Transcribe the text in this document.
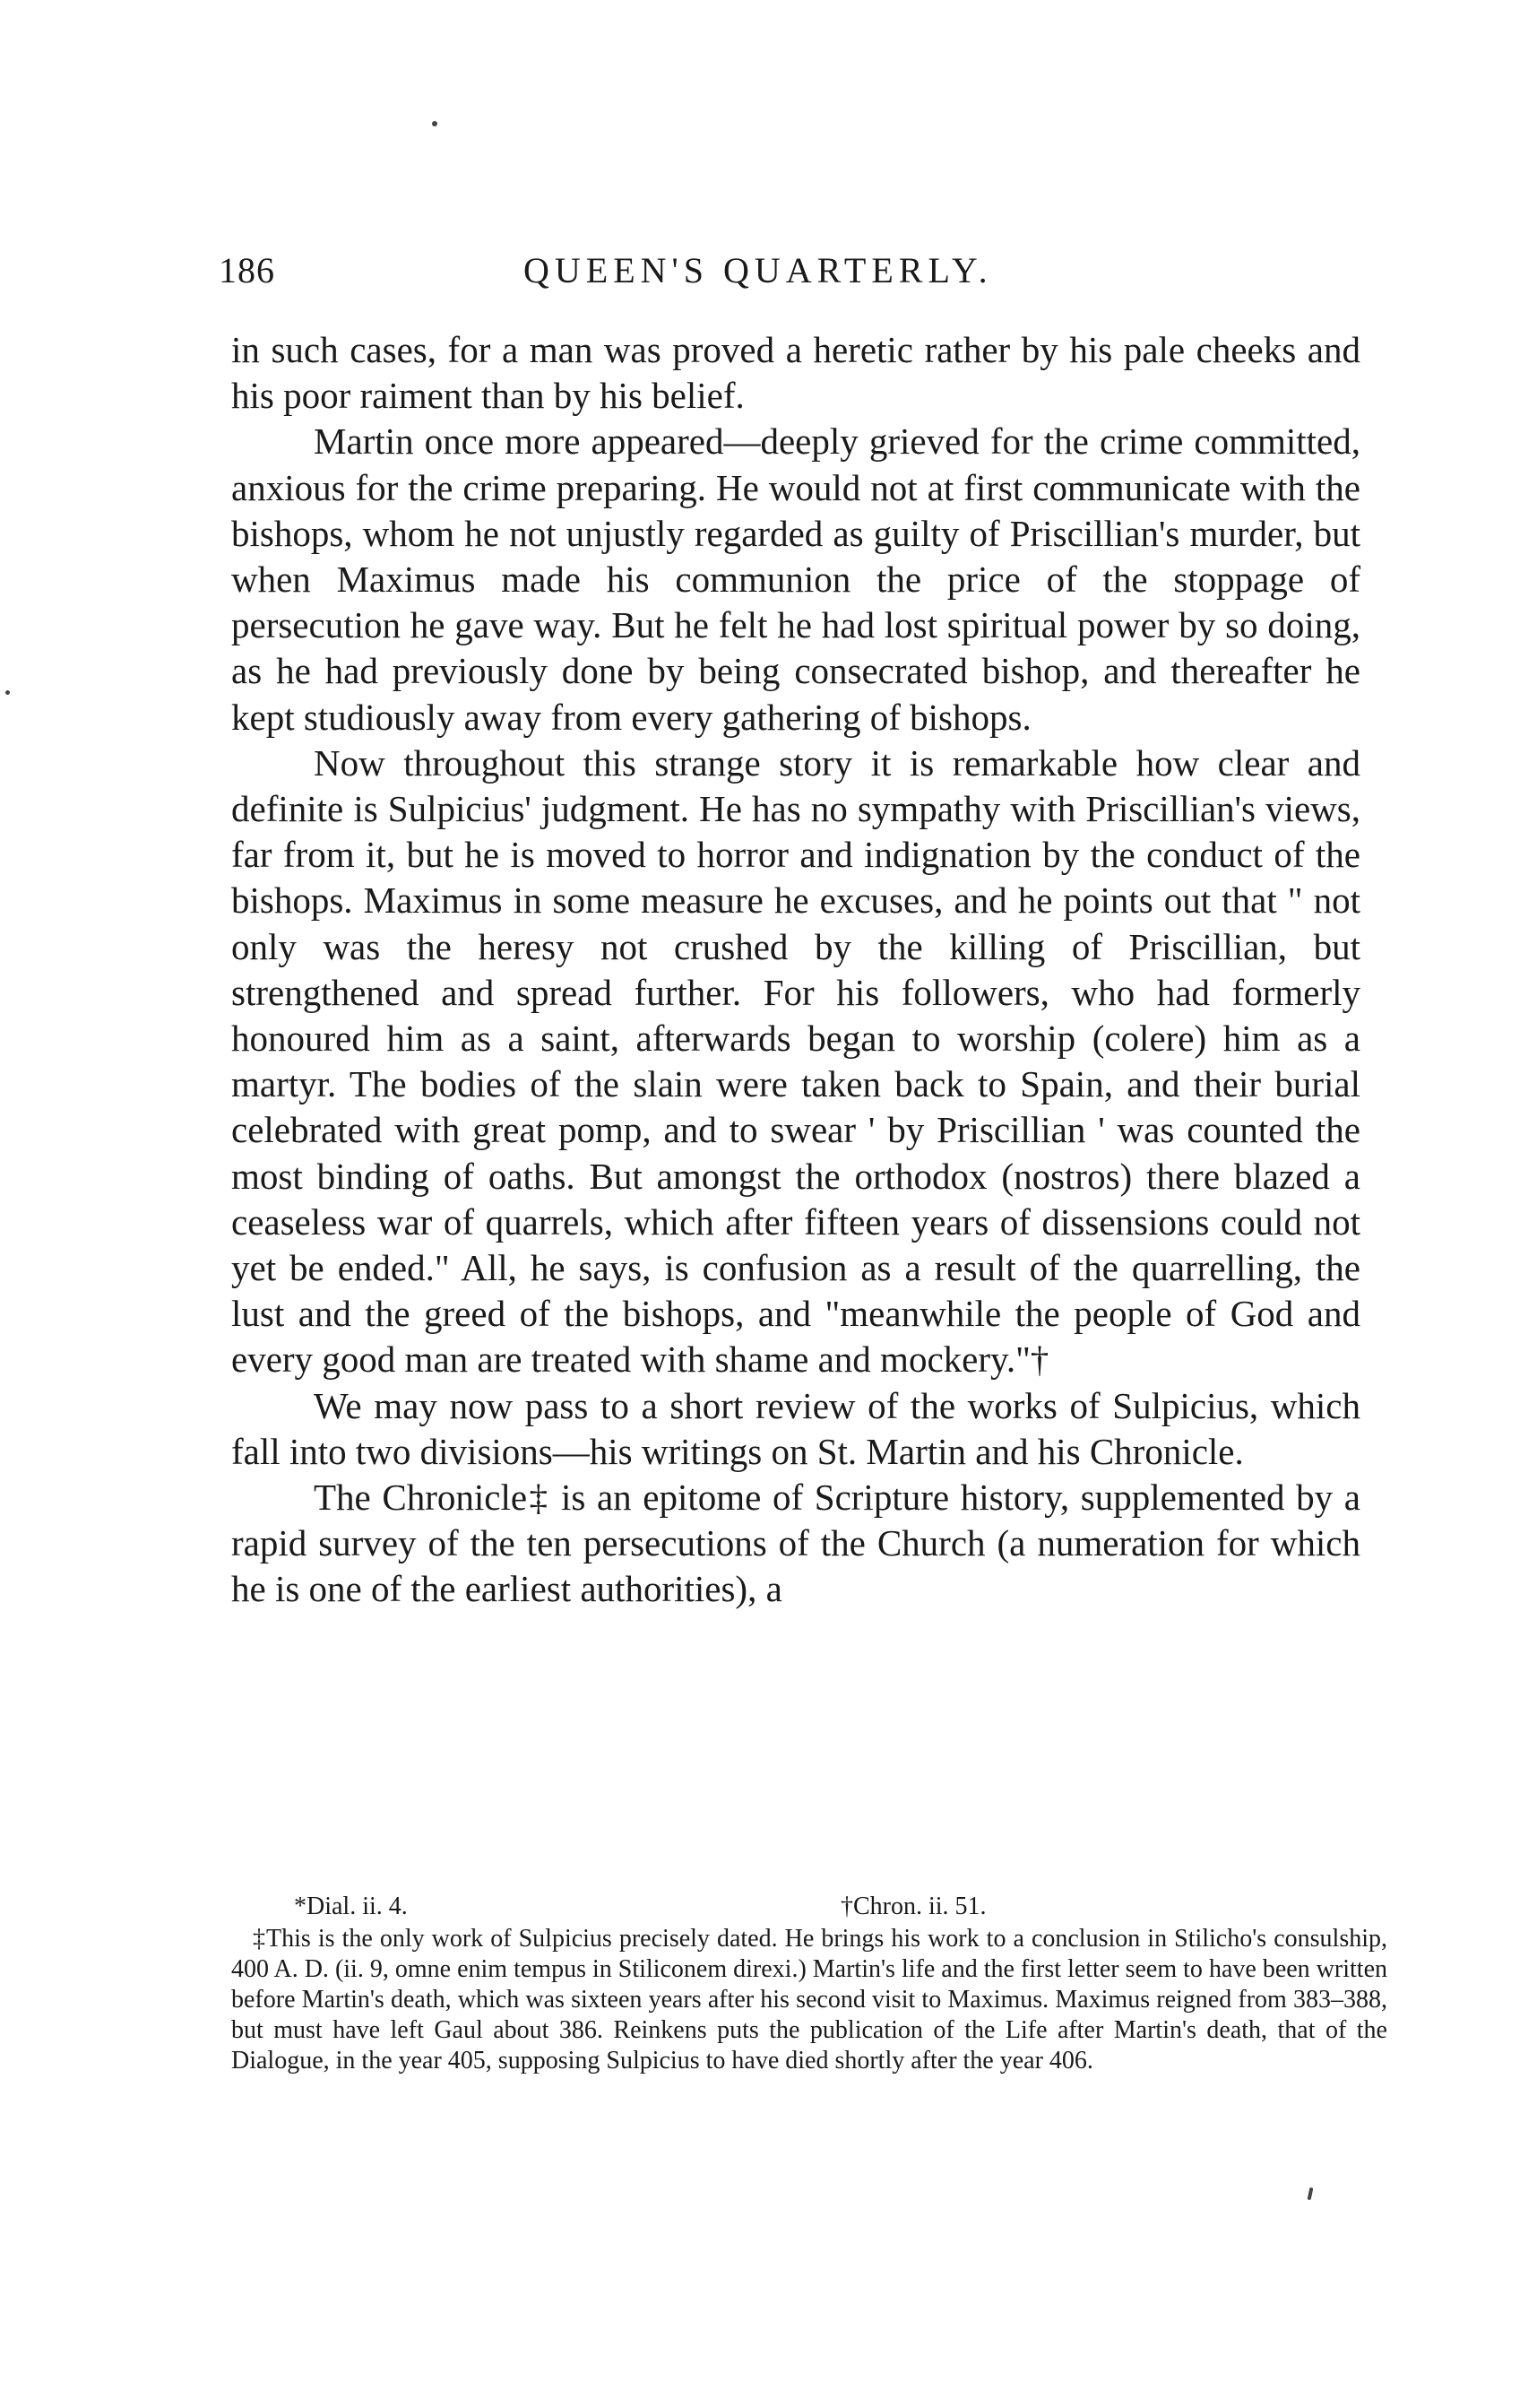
186	QUEEN'S QUARTERLY.

in such cases, for a man was proved a heretic rather by his pale cheeks and his poor raiment than by his belief.

Martin once more appeared—deeply grieved for the crime committed, anxious for the crime preparing. He would not at first communicate with the bishops, whom he not unjustly regarded as guilty of Priscillian's murder, but when Maximus made his communion the price of the stoppage of persecution he gave way. But he felt he had lost spiritual power by so doing, as he had previously done by being consecrated bishop, and thereafter he kept studiously away from every gathering of bishops.

Now throughout this strange story it is remarkable how clear and definite is Sulpicius' judgment. He has no sympathy with Priscillian's views, far from it, but he is moved to horror and indignation by the conduct of the bishops. Maximus in some measure he excuses, and he points out that " not only was the heresy not crushed by the killing of Priscillian, but strengthened and spread further. For his followers, who had formerly honoured him as a saint, afterwards began to worship (colere) him as a martyr. The bodies of the slain were taken back to Spain, and their burial celebrated with great pomp, and to swear ' by Priscillian ' was counted the most binding of oaths. But amongst the orthodox (nostros) there blazed a ceaseless war of quarrels, which after fifteen years of dissensions could not yet be ended." All, he says, is confusion as a result of the quarrelling, the lust and the greed of the bishops, and "meanwhile the people of God and every good man are treated with shame and mockery."†

We may now pass to a short review of the works of Sulpicius, which fall into two divisions—his writings on St. Martin and his Chronicle.

The Chronicle‡ is an epitome of Scripture history, supplemented by a rapid survey of the ten persecutions of the Church (a numeration for which he is one of the earliest authorities), a

*Dial. ii. 4.	†Chron. ii. 51.

‡This is the only work of Sulpicius precisely dated. He brings his work to a conclusion in Stilicho's consulship, 400 A. D. (ii. 9, omne enim tempus in Stiliconem direxi.) Martin's life and the first letter seem to have been written before Martin's death, which was sixteen years after his second visit to Maximus. Maximus reigned from 383–388, but must have left Gaul about 386. Reinkens puts the publication of the Life after Martin's death, that of the Dialogue, in the year 405, supposing Sulpicius to have died shortly after the year 406.
